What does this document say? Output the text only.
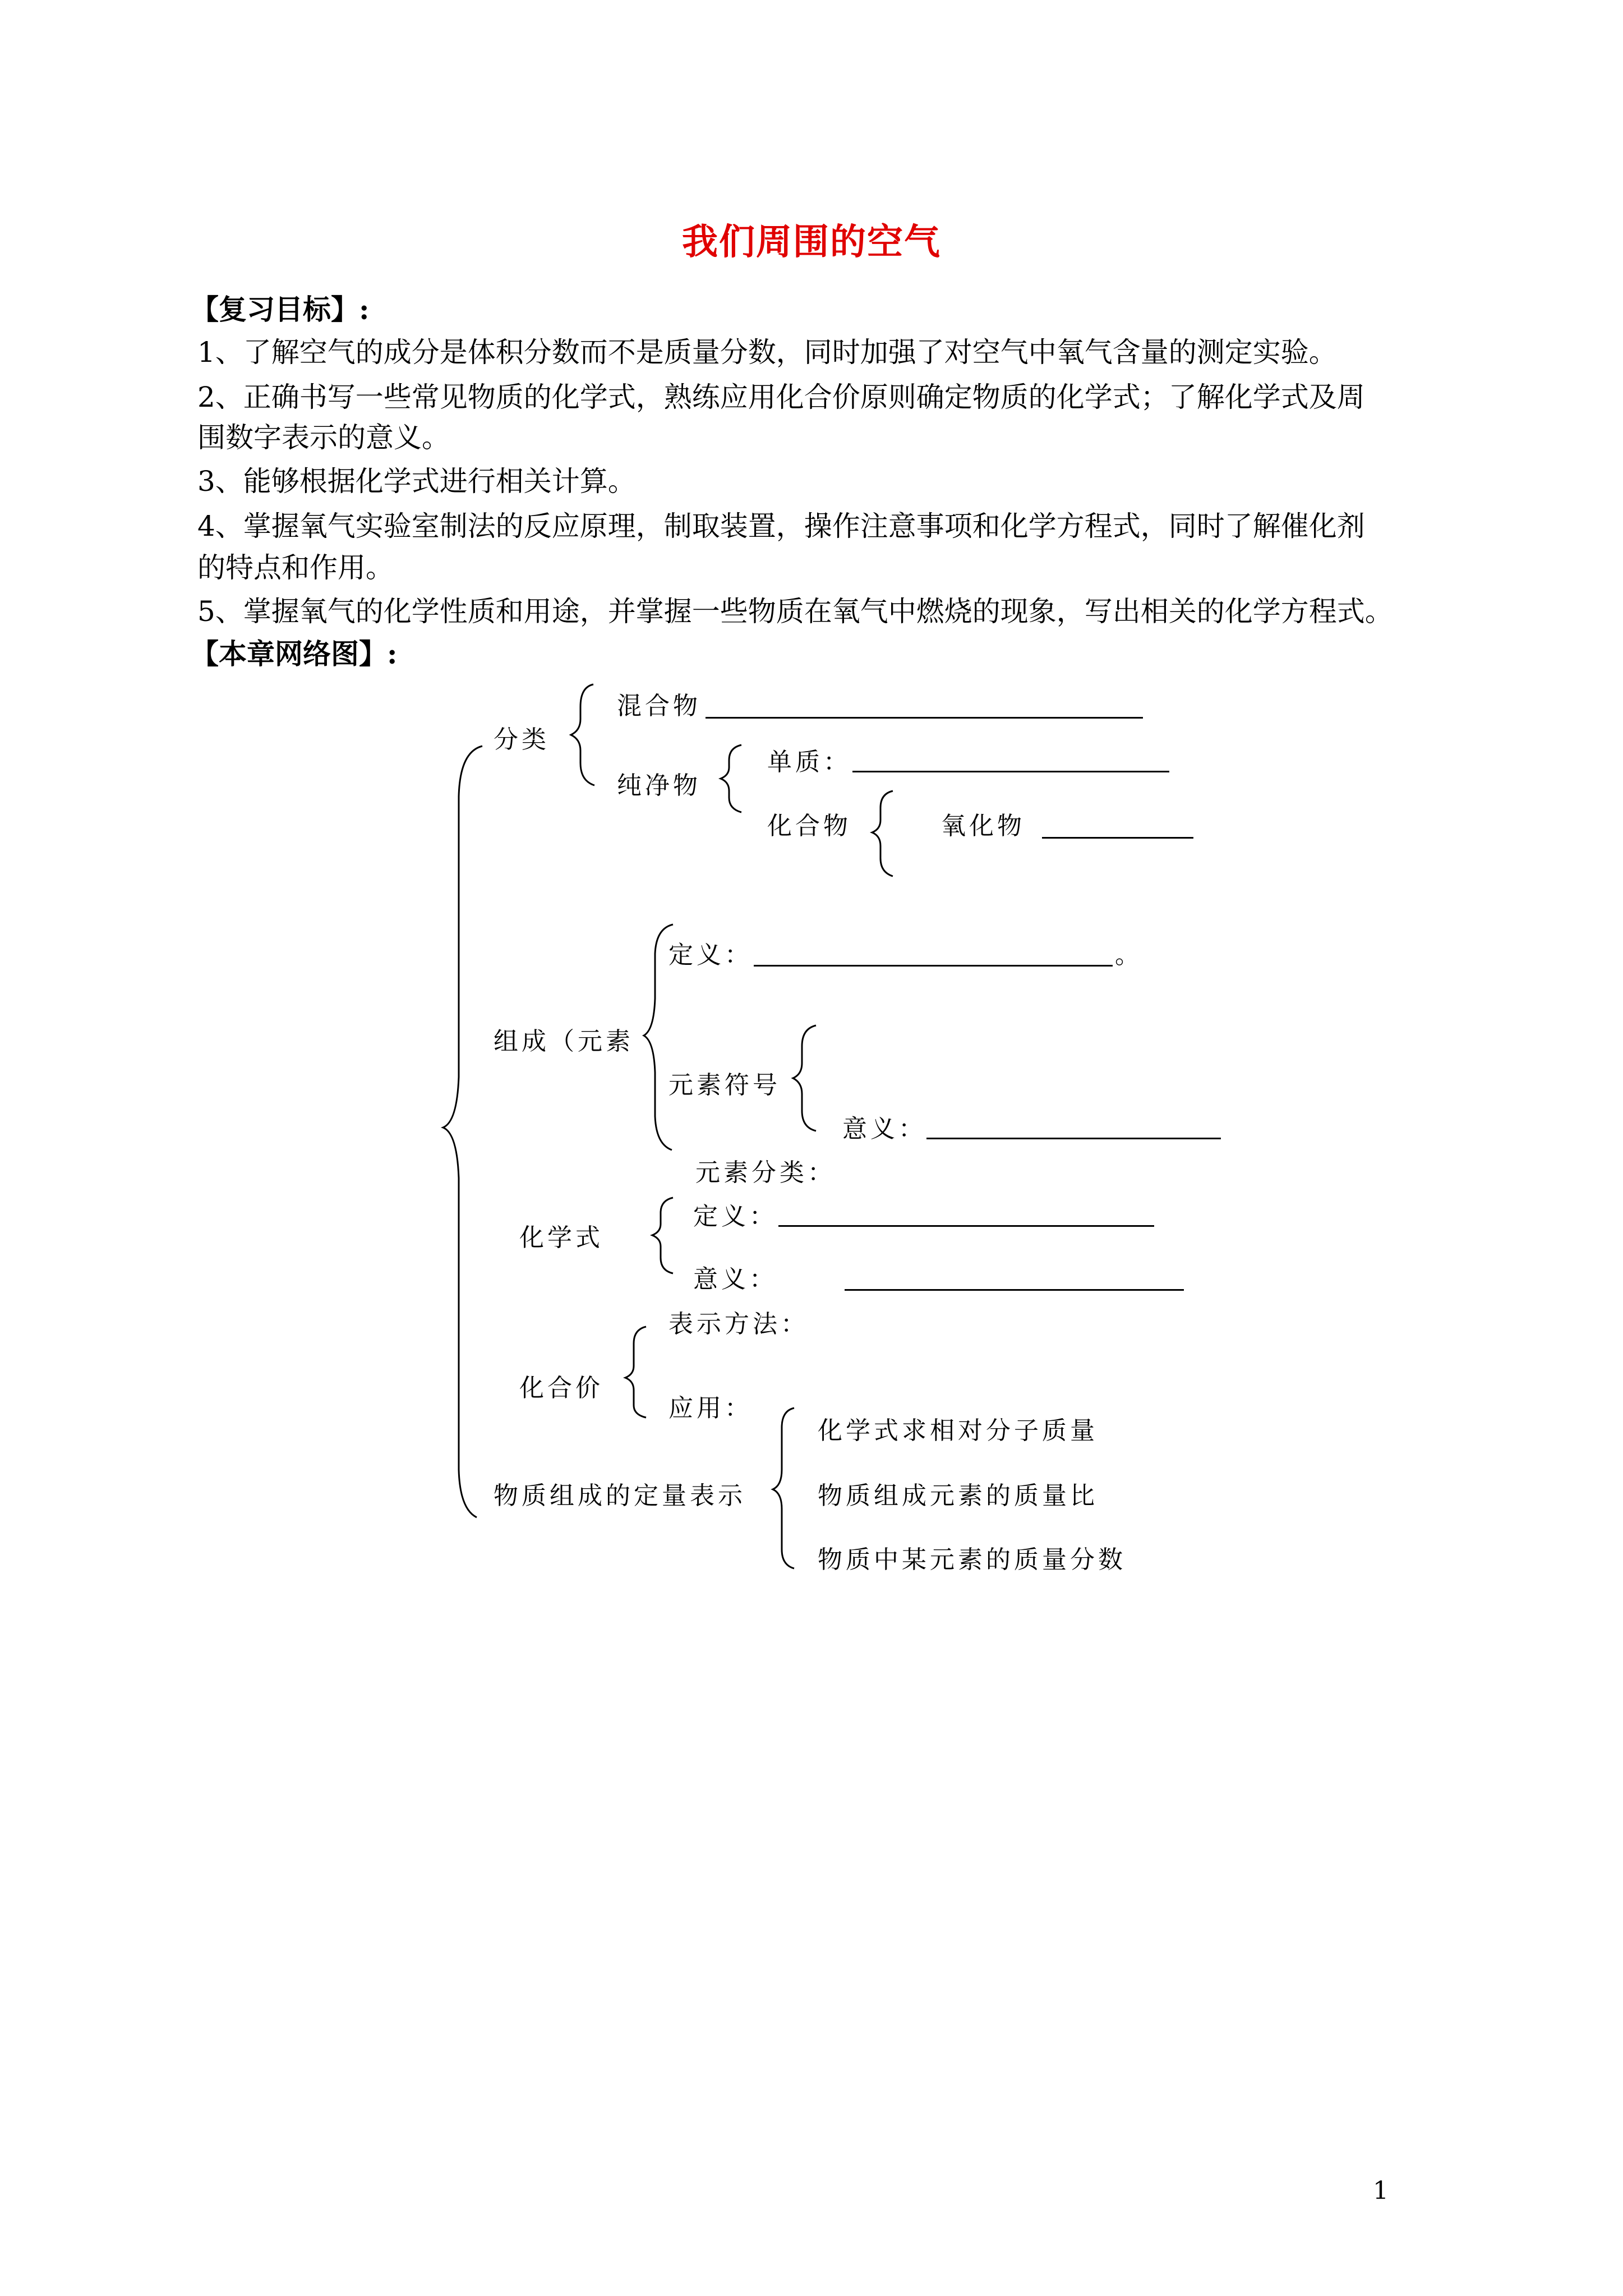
我们周围的空气
【复习目标】:
1、了解空气的成分是体积分数而不是质量分数，同时加强了对空气中氧气含量的测定实验。
2、正确书写一些常见物质的化学式，熟练应用化合价原则确定物质的化学式；了解化学式及周
围数字表示的意义。
3、能够根据化学式进行相关计算。
4、掌握氧气实验室制法的反应原理，制取装置，操作注意事项和化学方程式，同时了解催化剂
的特点和作用。
5、掌握氧气的化学性质和用途，并掌握一些物质在氧气中燃烧的现象，写出相关的化学方程式。
【本章网络图】:
分类
混合物
纯净物
单质：
化合物	氧化物
组成（元素
定义：	。
元素符号
意义：
元素分类：
化学式
定义：
意义：
化合价
表示方法：
应用：
物质组成的定量表示
化学式求相对分子质量
物质组成元素的质量比
物质中某元素的质量分数
1
